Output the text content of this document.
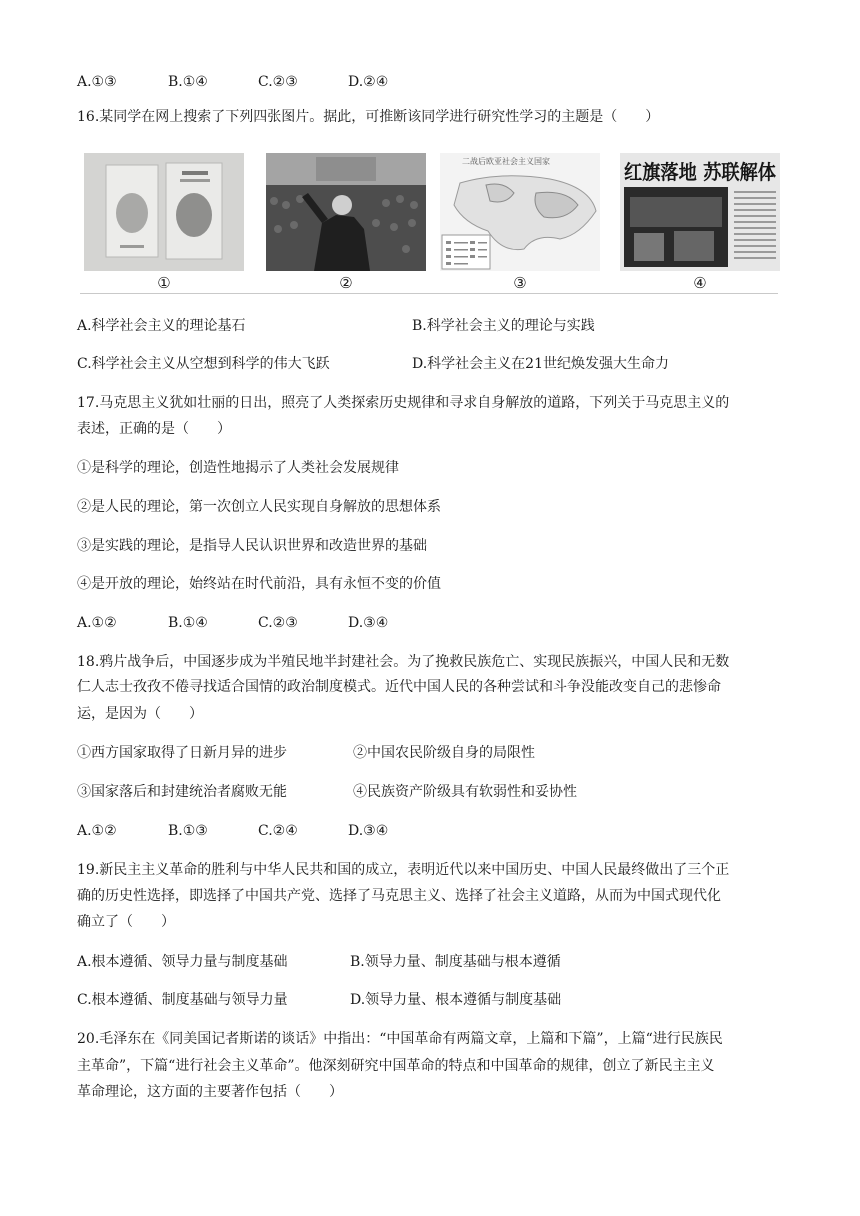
A.①③	B.①④	C.②③	D.②④
16.某同学在网上搜索了下列四张图片。据此，可推断该同学进行研究性学习的主题是（　　）
①	②
二战后欧亚社会主义国家
③
红旗落地 苏联解体
④
A.科学社会主义的理论基石	B.科学社会主义的理论与实践
C.科学社会主义从空想到科学的伟大飞跃	D.科学社会主义在21世纪焕发强大生命力
17.马克思主义犹如壮丽的日出，照亮了人类探索历史规律和寻求自身解放的道路，下列关于马克思主义的
表述，正确的是（　　）
①是科学的理论，创造性地揭示了人类社会发展规律
②是人民的理论，第一次创立人民实现自身解放的思想体系
③是实践的理论，是指导人民认识世界和改造世界的基础
④是开放的理论，始终站在时代前沿，具有永恒不变的价值
A.①②	B.①④	C.②③	D.③④
18.鸦片战争后，中国逐步成为半殖民地半封建社会。为了挽救民族危亡、实现民族振兴，中国人民和无数
仁人志士孜孜不倦寻找适合国情的政治制度模式。近代中国人民的各种尝试和斗争没能改变自己的悲惨命
运，是因为（　　）
①西方国家取得了日新月异的进步	②中国农民阶级自身的局限性
③国家落后和封建统治者腐败无能	④民族资产阶级具有软弱性和妥协性
A.①②	B.①③	C.②④	D.③④
19.新民主主义革命的胜利与中华人民共和国的成立，表明近代以来中国历史、中国人民最终做出了三个正
确的历史性选择，即选择了中国共产党、选择了马克思主义、选择了社会主义道路，从而为中国式现代化
确立了（　　）
A.根本遵循、领导力量与制度基础	B.领导力量、制度基础与根本遵循
C.根本遵循、制度基础与领导力量	D.领导力量、根本遵循与制度基础
20.毛泽东在《同美国记者斯诺的谈话》中指出：“中国革命有两篇文章，上篇和下篇”，上篇“进行民族民
主革命”，下篇“进行社会主义革命”。他深刻研究中国革命的特点和中国革命的规律，创立了新民主主义
革命理论，这方面的主要著作包括（　　）
